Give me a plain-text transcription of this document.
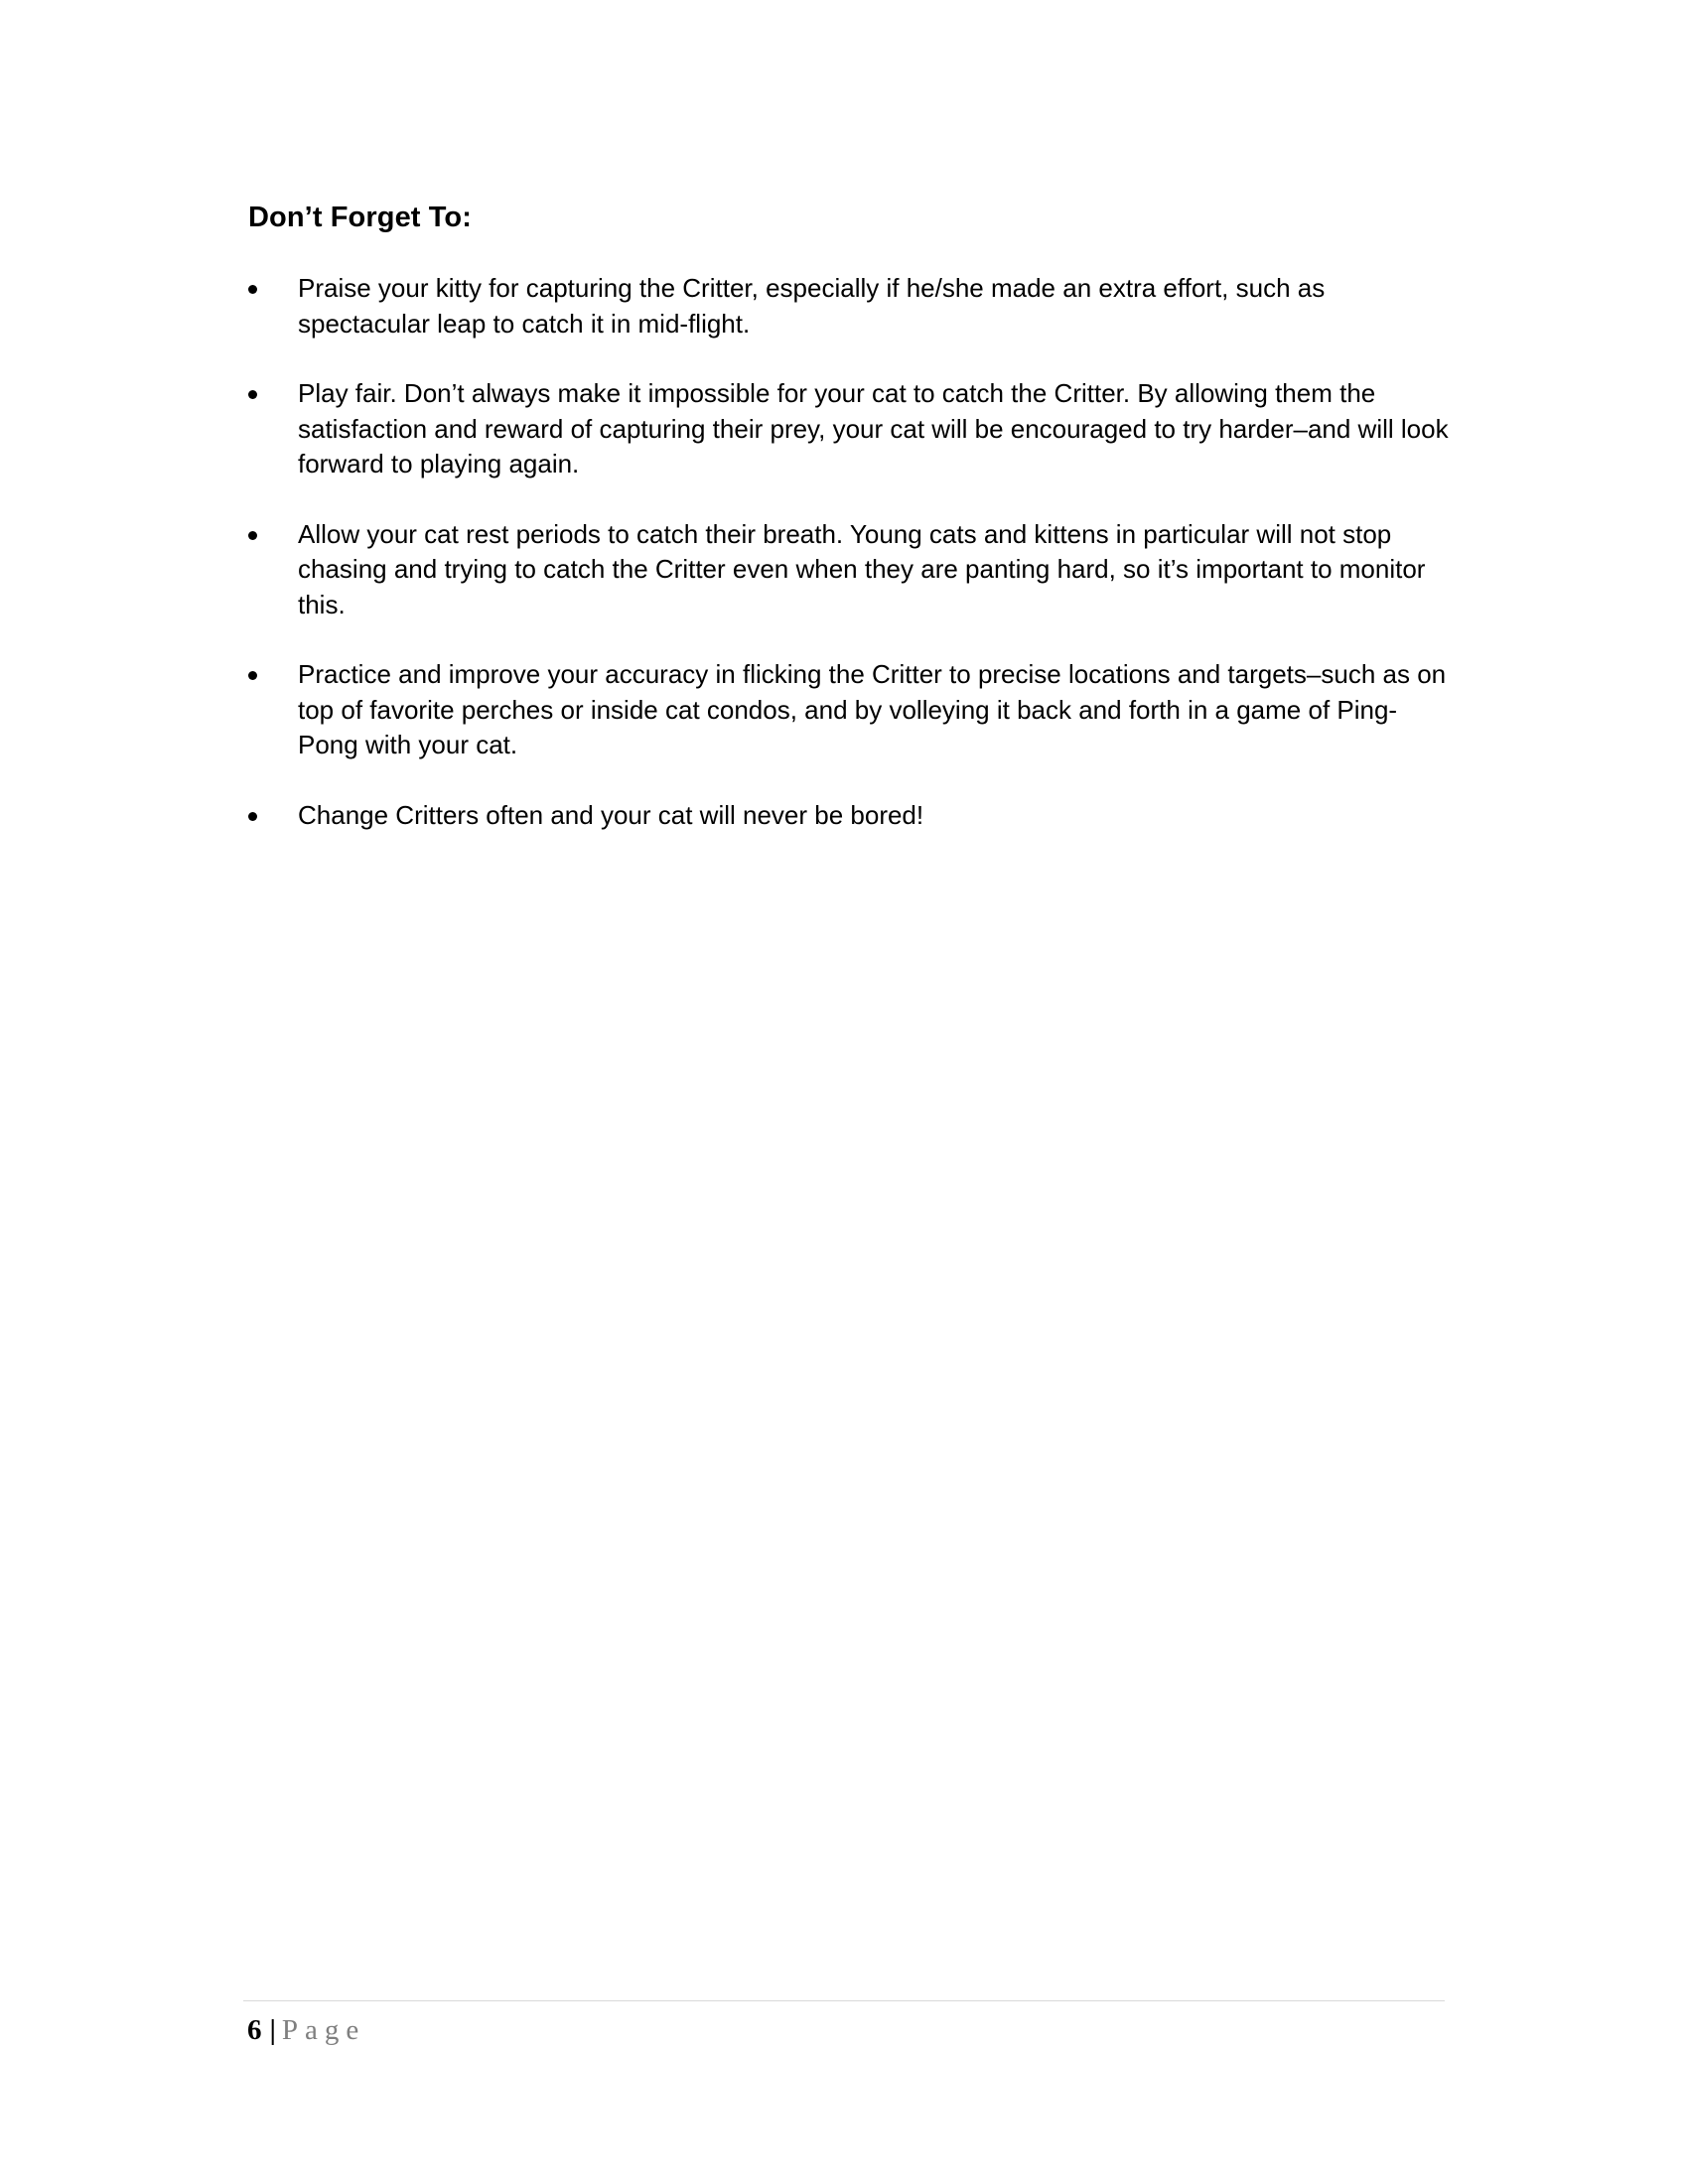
Don’t Forget To:
Praise your kitty for capturing the Critter, especially if he/she made an extra effort, such as spectacular leap to catch it in mid-flight.
Play fair. Don’t always make it impossible for your cat to catch the Critter. By allowing them the satisfaction and reward of capturing their prey, your cat will be encouraged to try harder–and will look forward to playing again.
Allow your cat rest periods to catch their breath. Young cats and kittens in particular will not stop chasing and trying to catch the Critter even when they are panting hard, so it’s important to monitor this.
Practice and improve your accuracy in flicking the Critter to precise locations and targets–such as on top of favorite perches or inside cat condos, and by volleying it back and forth in a game of Ping-Pong with your cat.
Change Critters often and your cat will never be bored!
6 | Page
